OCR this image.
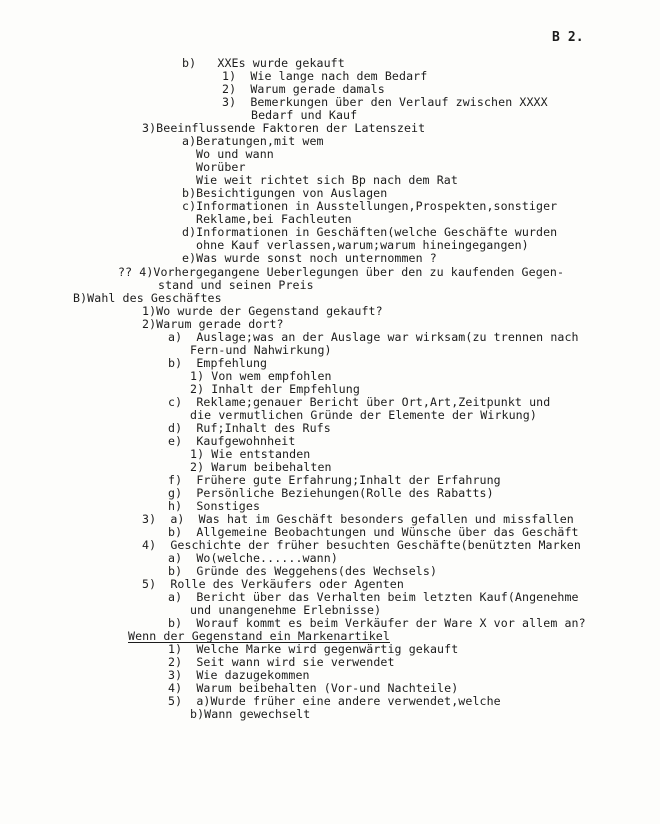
B 2.
b)   XXEs wurde gekauft
1)  Wie lange nach dem Bedarf
2)  Warum gerade damals
3)  Bemerkungen über den Verlauf zwischen XXXX
Bedarf und Kauf
3)Beeinflussende Faktoren der Latenszeit
a)Beratungen,mit wem
Wo und wann
Worüber
Wie weit richtet sich Bp nach dem Rat
b)Besichtigungen von Auslagen
c)Informationen in Ausstellungen,Prospekten,sonstiger
Reklame,bei Fachleuten
d)Informationen in Geschäften(welche Geschäfte wurden
ohne Kauf verlassen,warum;warum hineingegangen)
e)Was wurde sonst noch unternommen ?
?? 4)Vorhergegangene Ueberlegungen über den zu kaufenden Gegen-
stand und seinen Preis
B)Wahl des Geschäftes
1)Wo wurde der Gegenstand gekauft?
2)Warum gerade dort?
a)  Auslage;was an der Auslage war wirksam(zu trennen nach
Fern-und Nahwirkung)
b)  Empfehlung
1) Von wem empfohlen
2) Inhalt der Empfehlung
c)  Reklame;genauer Bericht über Ort,Art,Zeitpunkt und
die vermutlichen Gründe der Elemente der Wirkung)
d)  Ruf;Inhalt des Rufs
e)  Kaufgewohnheit
1) Wie entstanden
2) Warum beibehalten
f)  Frühere gute Erfahrung;Inhalt der Erfahrung
g)  Persönliche Beziehungen(Rolle des Rabatts)
h)  Sonstiges
3)  a)  Was hat im Geschäft besonders gefallen und missfallen
b)  Allgemeine Beobachtungen und Wünsche über das Geschäft
4)  Geschichte der früher besuchten Geschäfte(benützten Marken
a)  Wo(welche......wann)
b)  Gründe des Weggehens(des Wechsels)
5)  Rolle des Verkäufers oder Agenten
a)  Bericht über das Verhalten beim letzten Kauf(Angenehme
und unangenehme Erlebnisse)
b)  Worauf kommt es beim Verkäufer der Ware X vor allem an?
Wenn der Gegenstand ein Markenartikel
1)  Welche Marke wird gegenwärtig gekauft
2)  Seit wann wird sie verwendet
3)  Wie dazugekommen
4)  Warum beibehalten (Vor-und Nachteile)
5)  a)Wurde früher eine andere verwendet,welche
b)Wann gewechselt
